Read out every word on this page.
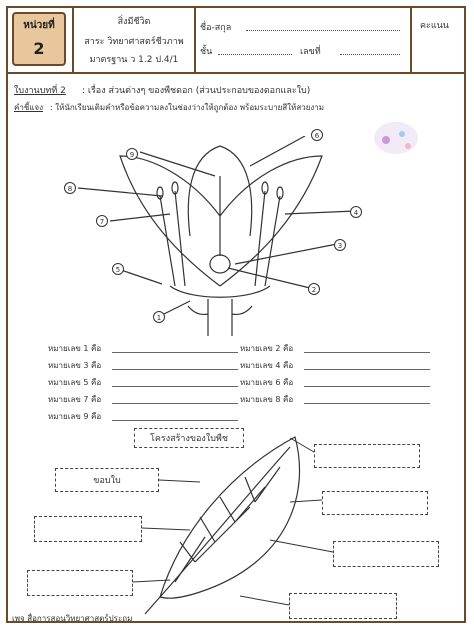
หน่วยที่
2
สิ่งมีชีวิต
สาระ วิทยาศาสตร์ชีวภาพ
มาตรฐาน ว 1.2 ป.4/1
ชื่อ-สกุล
ชั้น	เลขที่
คะแนน
ใบงานบทที่ 2 : เรื่อง ส่วนต่างๆ ของพืชดอก (ส่วนประกอบของดอกและใบ)
คำชี้แจง : ให้นักเรียนเติมคำหรือข้อความลงในช่องว่างให้ถูกต้อง พร้อมระบายสีให้สวยงาม
9
6
8
7
4
3
5
2
1
หมายเลข 1 คือ	หมายเลข 2 คือ
หมายเลข 3 คือ	หมายเลข 4 คือ
หมายเลข 5 คือ	หมายเลข 6 คือ
หมายเลข 7 คือ	หมายเลข 8 คือ
หมายเลข 9 คือ
โครงสร้างของใบพืช
ขอบใบ
เพจ สื่อการสอนวิทยาศาสตร์ประถม
